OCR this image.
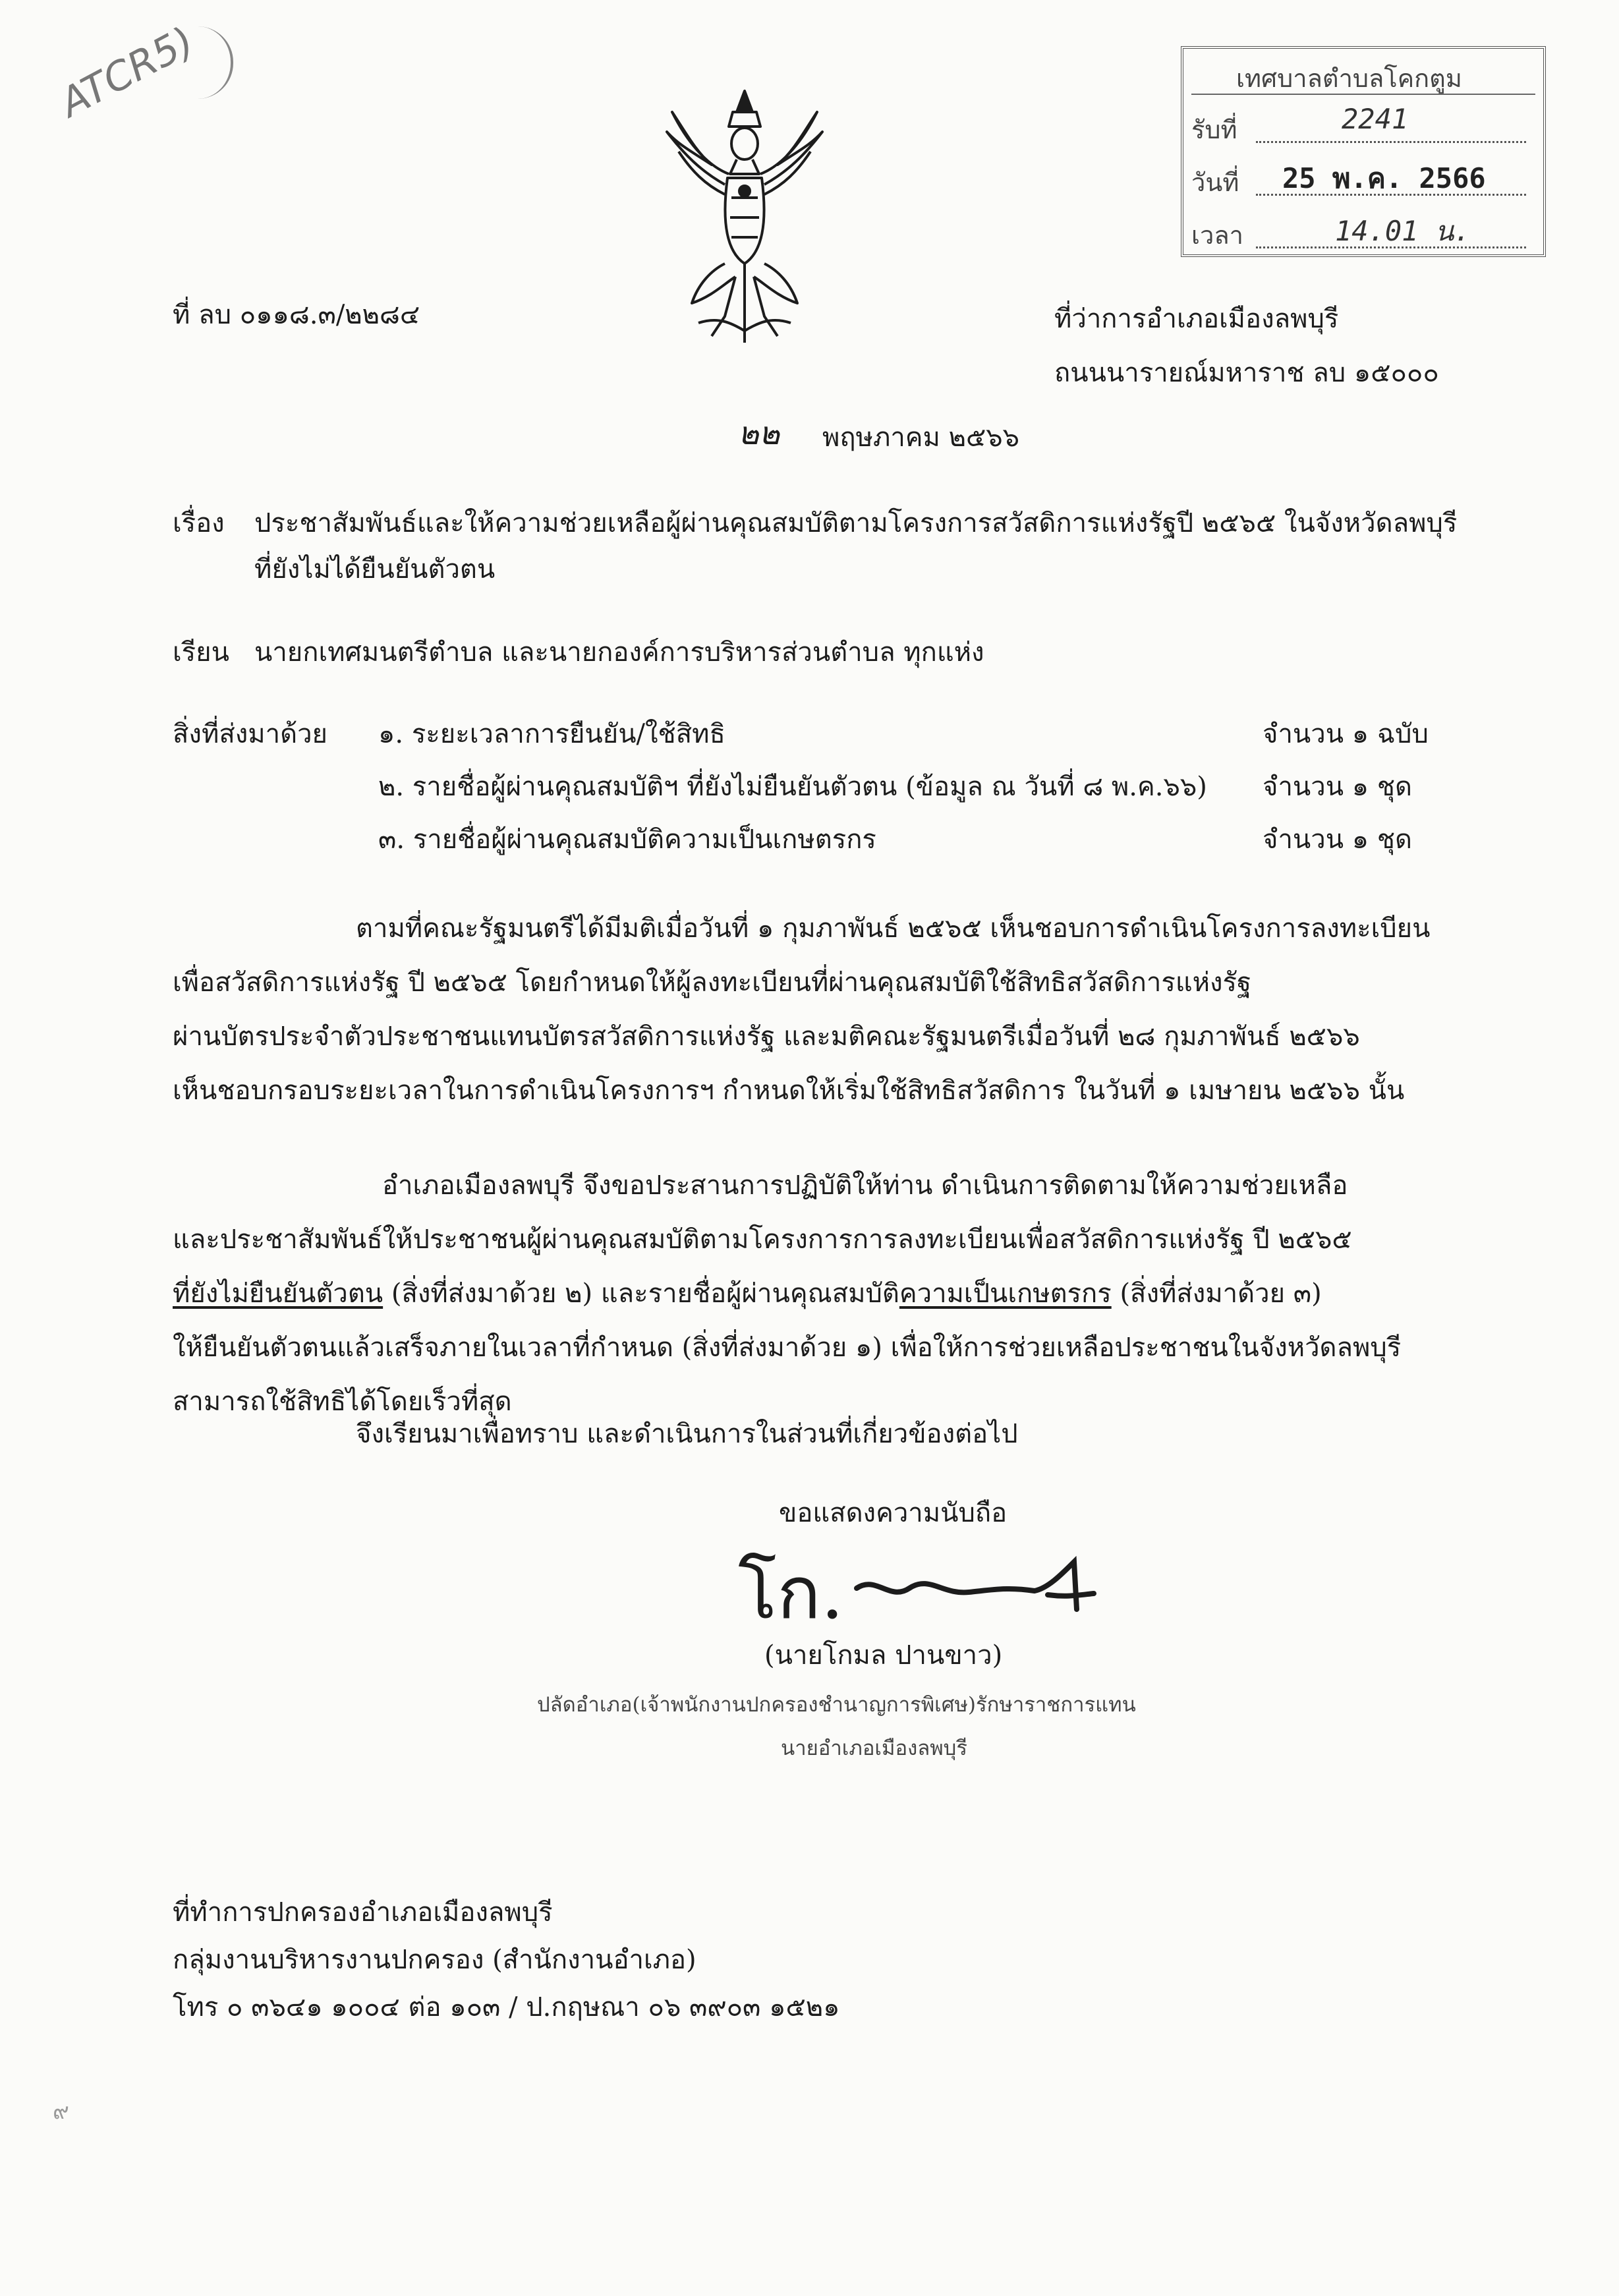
ATCR5)	เทศบาลตำบลโคกตูม
รับที่	2241
วันที่ 25 พ.ค. 2566
เวลา	14.01 น.
ที่ ลบ ๐๑๑๘.๓/๒๒๘๔	ที่ว่าการอำเภอเมืองลพบุรี
ถนนนารายณ์มหาราช ลบ ๑๕๐๐๐
๒๒ พฤษภาคม ๒๕๖๖
เรื่อง ประชาสัมพันธ์และให้ความช่วยเหลือผู้ผ่านคุณสมบัติตามโครงการสวัสดิการแห่งรัฐปี ๒๕๖๕ ในจังหวัดลพบุรี
ที่ยังไม่ได้ยืนยันตัวตน
เรียน นายกเทศมนตรีตำบล และนายกองค์การบริหารส่วนตำบล ทุกแห่ง
สิ่งที่ส่งมาด้วย ๑. ระยะเวลาการยืนยัน/ใช้สิทธิ	จำนวน ๑ ฉบับ
๒. รายชื่อผู้ผ่านคุณสมบัติฯ ที่ยังไม่ยืนยันตัวตน (ข้อมูล ณ วันที่ ๘ พ.ค.๖๖) จำนวน ๑ ชุด
๓. รายชื่อผู้ผ่านคุณสมบัติความเป็นเกษตรกร	จำนวน ๑ ชุด
ตามที่คณะรัฐมนตรีได้มีมติเมื่อวันที่ ๑ กุมภาพันธ์ ๒๕๖๕ เห็นชอบการดำเนินโครงการลงทะเบียน
เพื่อสวัสดิการแห่งรัฐ ปี ๒๕๖๕ โดยกำหนดให้ผู้ลงทะเบียนที่ผ่านคุณสมบัติใช้สิทธิสวัสดิการแห่งรัฐ
ผ่านบัตรประจำตัวประชาชนแทนบัตรสวัสดิการแห่งรัฐ และมติคณะรัฐมนตรีเมื่อวันที่ ๒๘ กุมภาพันธ์ ๒๕๖๖
เห็นชอบกรอบระยะเวลาในการดำเนินโครงการฯ กำหนดให้เริ่มใช้สิทธิสวัสดิการ ในวันที่ ๑ เมษายน ๒๕๖๖ นั้น
อำเภอเมืองลพบุรี จึงขอประสานการปฏิบัติให้ท่าน ดำเนินการติดตามให้ความช่วยเหลือ
และประชาสัมพันธ์ให้ประชาชนผู้ผ่านคุณสมบัติตามโครงการการลงทะเบียนเพื่อสวัสดิการแห่งรัฐ ปี ๒๕๖๕
ที่ยังไม่ยืนยันตัวตน (สิ่งที่ส่งมาด้วย ๒) และรายชื่อผู้ผ่านคุณสมบัติความเป็นเกษตรกร (สิ่งที่ส่งมาด้วย ๓)
ให้ยืนยันตัวตนแล้วเสร็จภายในเวลาที่กำหนด (สิ่งที่ส่งมาด้วย ๑) เพื่อให้การช่วยเหลือประชาชนในจังหวัดลพบุรี
สามารถใช้สิทธิได้โดยเร็วที่สุด
จึงเรียนมาเพื่อทราบ และดำเนินการในส่วนที่เกี่ยวข้องต่อไป
ขอแสดงความนับถือ
โก.
(นายโกมล ปานขาว)
ปลัดอำเภอ(เจ้าพนักงานปกครองชำนาญการพิเศษ)รักษาราชการแทน
นายอำเภอเมืองลพบุรี
ที่ทำการปกครองอำเภอเมืองลพบุรี
กลุ่มงานบริหารงานปกครอง (สำนักงานอำเภอ)
โทร ๐ ๓๖๔๑ ๑๐๐๔ ต่อ ๑๐๓ / ป.กฤษณา ๐๖ ๓๙๐๓ ๑๕๒๑
๙
